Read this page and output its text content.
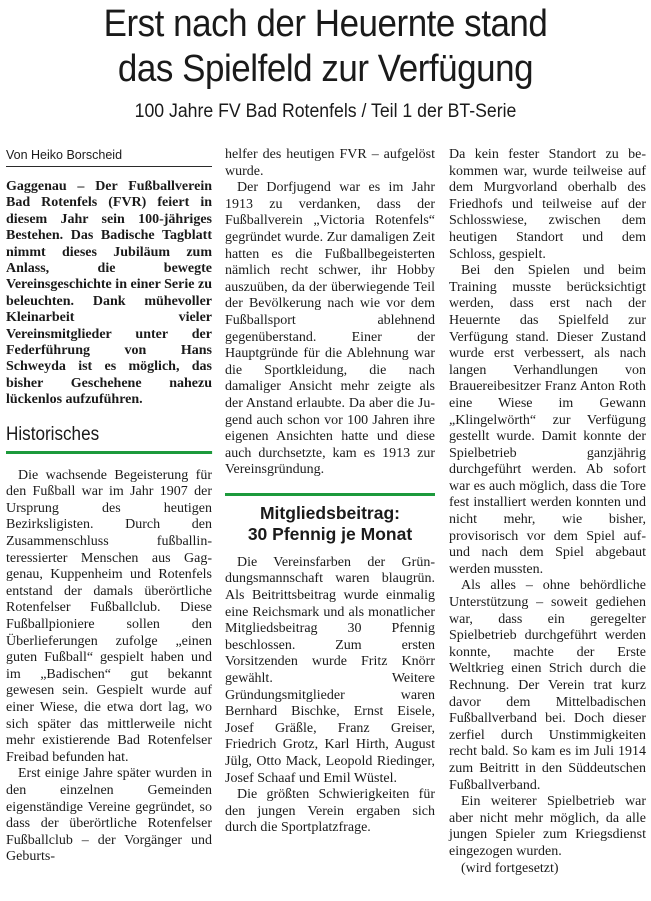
Erst nach der Heuernte stand
das Spielfeld zur Verfügung
100 Jahre FV Bad Rotenfels / Teil 1 der BT-Serie
Von Heiko Borscheid

Gaggenau – Der Fußballverein Bad Rotenfels (FVR) feiert in diesem Jahr sein 100-jähriges Bestehen. Das Badische Tagblatt nimmt dieses Jubiläum zum Anlass, die bewegte Vereinsgeschichte in einer Serie zu beleuchten. Dank mühevoller Kleinarbeit vieler Vereinsmitglieder unter der Federführung von Hans Schweyda ist es möglich, das bisher Geschehene nahezu lückenlos aufzuführen.

Historisches

Die wachsende Begeisterung für den Fußball war im Jahr 1907 der Ursprung des heutigen Bezirksligisten. Durch den Zusammenschluss fußballinteressierter Menschen aus Gaggenau, Kuppenheim und Rotenfels entstand der damals überörtliche Rotenfelser Fußballclub. Diese Fußballpioniere sollen den Überlieferungen zufolge „einen guten Fußball“ gespielt haben und im „Badischen“ gut bekannt gewesen sein. Gespielt wurde auf einer Wiese, die etwa dort lag, wo sich später das mittlerweile nicht mehr existierende Bad Rotenfelser Freibad befunden hat.

Erst einige Jahre später wurden in den einzelnen Gemeinden eigenständige Vereine gegründet, so dass der überörtliche Rotenfelser Fußballclub – der Vorgänger und Geburts-

helfer des heutigen FVR – aufgelöst wurde.

Der Dorfjugend war es im Jahr 1913 zu verdanken, dass der Fußballverein „Victoria Rotenfels“ gegründet wurde. Zur damaligen Zeit hatten es die Fußballbegeisterten nämlich recht schwer, ihr Hobby auszuüben, da der überwiegende Teil der Bevölkerung nach wie vor dem Fußballsport ablehnend gegenüberstand. Einer der Hauptgründe für die Ablehnung war die Sportkleidung, die nach damaliger Ansicht mehr zeigte als der Anstand erlaubte. Da aber die Jugend auch schon vor 100 Jahren ihre eigenen Ansichten hatte und diese auch durchsetzte, kam es 1913 zur Vereinsgründung.

Mitgliedsbeitrag:
30 Pfennig je Monat

Die Vereinsfarben der Gründungsmannschaft waren blaugrün. Als Beitrittsbeitrag wurde einmalig eine Reichsmark und als monatlicher Mitgliedsbeitrag 30 Pfennig beschlossen. Zum ersten Vorsitzenden wurde Fritz Knörr gewählt. Weitere Gründungsmitglieder waren Bernhard Bischke, Ernst Eisele, Josef Gräßle, Franz Greiser, Friedrich Grotz, Karl Hirth, August Jülg, Otto Mack, Leopold Riedinger, Josef Schaaf und Emil Wüstel.

Die größten Schwierigkeiten für den jungen Verein ergaben sich durch die Sportplatzfrage.

Da kein fester Standort zu bekommen war, wurde teilweise auf dem Murgvorland oberhalb des Friedhofs und teilweise auf der Schlosswiese, zwischen dem heutigen Standort und dem Schloss, gespielt.

Bei den Spielen und beim Training musste berücksichtigt werden, dass erst nach der Heuernte das Spielfeld zur Verfügung stand. Dieser Zustand wurde erst verbessert, als nach langen Verhandlungen von Brauereibesitzer Franz Anton Roth eine Wiese im Gewann „Klingelwörth“ zur Verfügung gestellt wurde. Damit konnte der Spielbetrieb ganzjährig durchgeführt werden. Ab sofort war es auch möglich, dass die Tore fest installiert werden konnten und nicht mehr, wie bisher, provisorisch vor dem Spiel auf- und nach dem Spiel abgebaut werden mussten.

Als alles – ohne behördliche Unterstützung – soweit gediehen war, dass ein geregelter Spielbetrieb durchgeführt werden konnte, machte der Erste Weltkrieg einen Strich durch die Rechnung. Der Verein trat kurz davor dem Mittelbadischen Fußballverband bei. Doch dieser zerfiel durch Unstimmigkeiten recht bald. So kam es im Juli 1914 zum Beitritt in den Süddeutschen Fußballverband.

Ein weiterer Spielbetrieb war aber nicht mehr möglich, da alle jungen Spieler zum Kriegsdienst eingezogen wurden.

(wird fortgesetzt)
